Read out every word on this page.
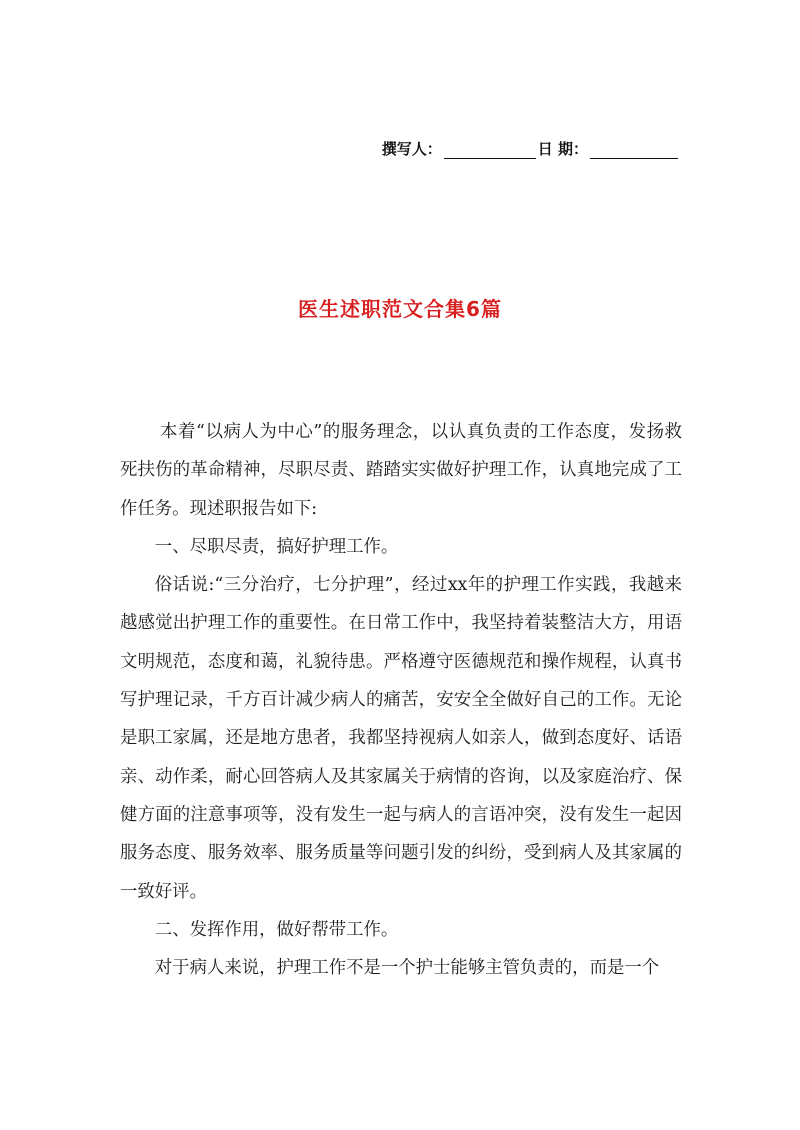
撰写人：	日 期：
医生述职范文合集6篇

本着“以病人为中心”的服务理念，以认真负责的工作态度，发扬救死扶伤的革命精神，尽职尽责、踏踏实实做好护理工作，认真地完成了工作任务。现述职报告如下:

一、尽职尽责，搞好护理工作。

俗话说:“三分治疗，七分护理”，经过xx年的护理工作实践，我越来越感觉出护理工作的重要性。在日常工作中，我坚持着装整洁大方，用语文明规范，态度和蔼，礼貌待患。严格遵守医德规范和操作规程，认真书写护理记录，千方百计减少病人的痛苦，安安全全做好自己的工作。无论是职工家属，还是地方患者，我都坚持视病人如亲人，做到态度好、话语亲、动作柔，耐心回答病人及其家属关于病情的咨询，以及家庭治疗、保健方面的注意事项等，没有发生一起与病人的言语冲突，没有发生一起因服务态度、服务效率、服务质量等问题引发的纠纷，受到病人及其家属的一致好评。

二、发挥作用，做好帮带工作。

对于病人来说，护理工作不是一个护士能够主管负责的，而是一个
